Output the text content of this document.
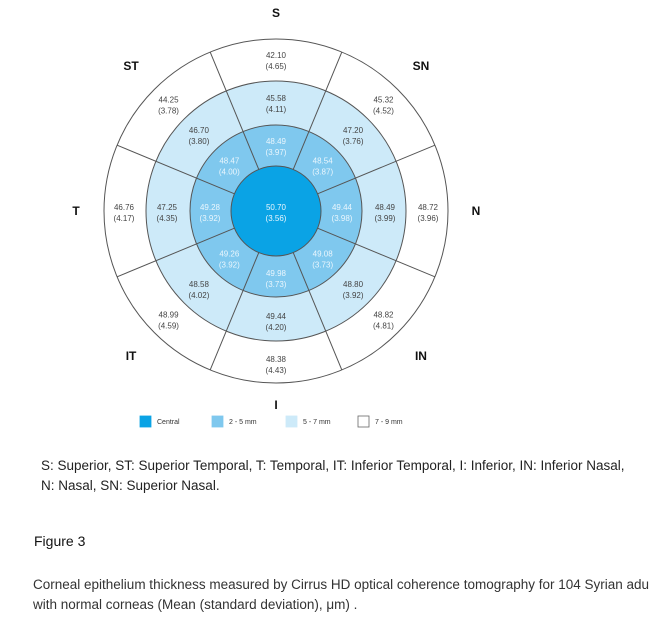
50.70
(3.56)
48.49
(3.97)
48.54
(3.87)
49.44
(3.98)
49.08
(3.73)
49.98
(3.73)
49.26
(3.92)
49.28
(3.92)
48.47
(4.00)
45.58
(4.11)
47.20
(3.76)
48.49
(3.99)
48.80
(3.92)
49.44
(4.20)
48.58
(4.02)
47.25
(4.35)
46.70
(3.80)
42.10
(4.65)
45.32
(4.52)
48.72
(3.96)
48.82
(4.81)
48.38
(4.43)
48.99
(4.59)
46.76
(4.17)
44.25
(3.78)
S
SN
N
IN
I
IT
T
ST
Central	2 - 5 mm	5 - 7 mm	7 - 9 mm
S: Superior, ST: Superior Temporal, T: Temporal, IT: Inferior Temporal, I: Inferior, IN: Inferior Nasal, N: Nasal, SN: Superior Nasal.
Figure 3
Corneal epithelium thickness measured by Cirrus HD optical coherence tomography for 104 Syrian adu
with normal corneas (Mean (standard deviation), μm) .
